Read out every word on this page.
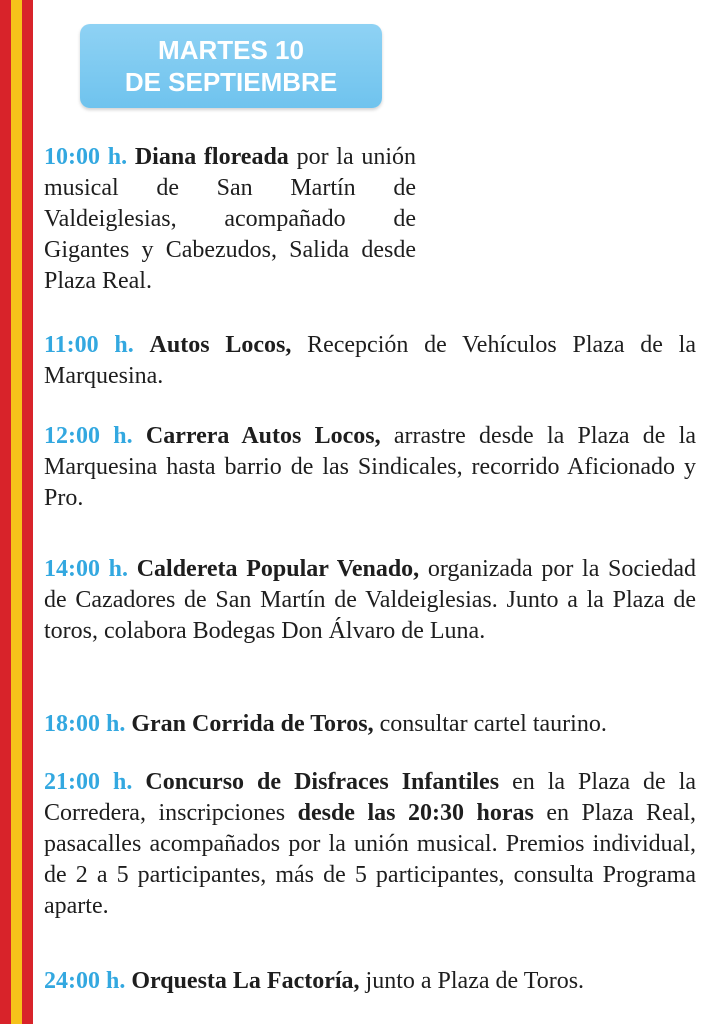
MARTES 10
DE SEPTIEMBRE
10:00 h. Diana floreada por la unión musical de San Martín de Valdeiglesias, acompañado de Gigantes y Cabezudos, Salida desde Plaza Real.
11:00 h. Autos Locos, Recepción de Vehículos Plaza de la Marquesina.
12:00 h. Carrera Autos Locos, arrastre desde la Plaza de la Marquesina hasta barrio de las Sindicales, recorrido Aficionado y Pro.
14:00 h. Caldereta Popular Venado, organizada por la Sociedad de Cazadores de San Martín de Valdeiglesias. Junto a la Plaza de toros, colabora Bodegas Don Álvaro de Luna.
18:00 h. Gran Corrida de Toros, consultar cartel taurino.
21:00 h. Concurso de Disfraces Infantiles en la Plaza de la Corredera, inscripciones desde las 20:30 horas en Plaza Real, pasacalles acompañados por la unión musical. Premios individual, de 2 a 5 participantes, más de 5 participantes, consulta Programa aparte.
24:00 h. Orquesta La Factoría, junto a Plaza de Toros.
